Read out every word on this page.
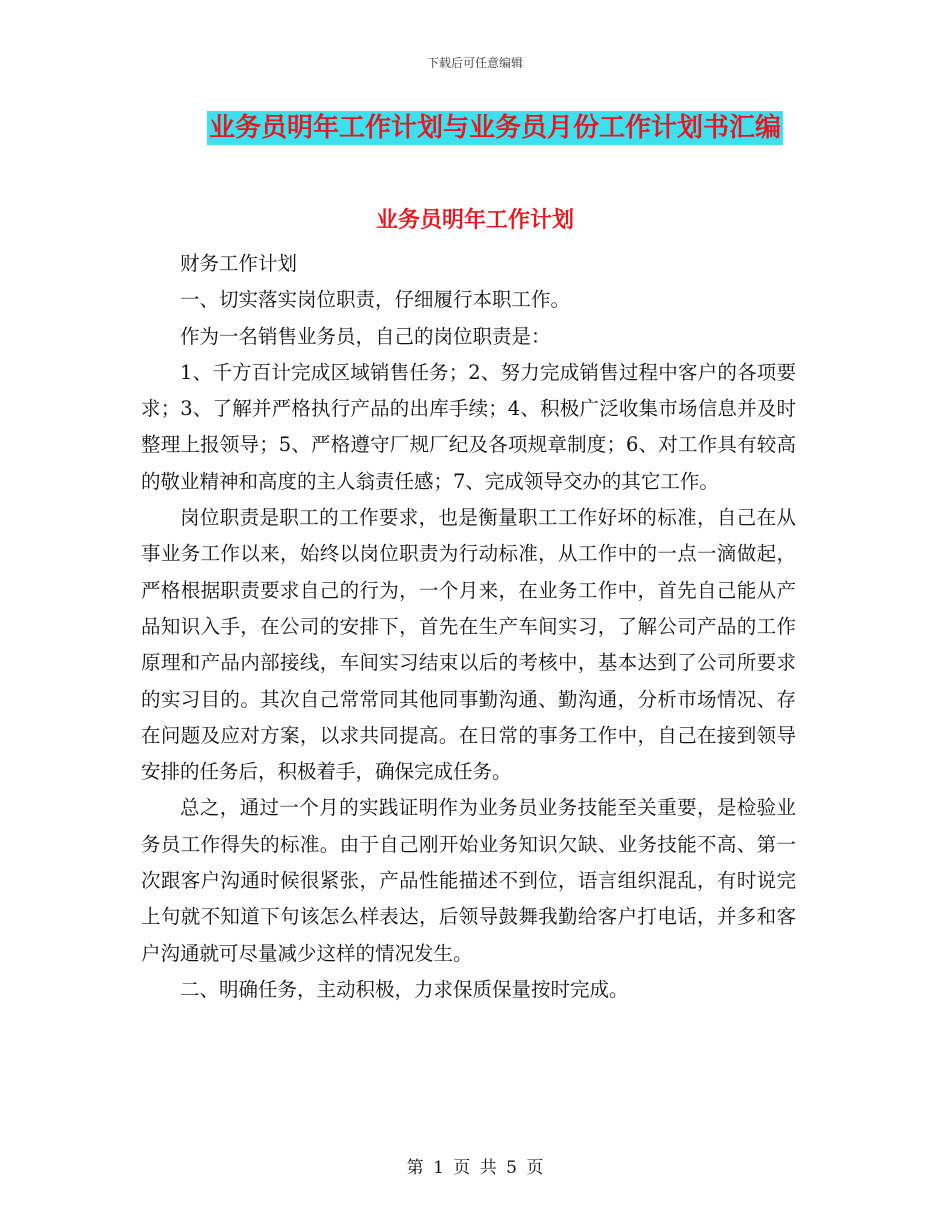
下载后可任意编辑
业务员明年工作计划与业务员月份工作计划书汇编
业务员明年工作计划

财务工作计划

一、切实落实岗位职责，仔细履行本职工作。

作为一名销售业务员，自己的岗位职责是：

1、千方百计完成区域销售任务；2、努力完成销售过程中客户的各项要求；3、了解并严格执行产品的出库手续；4、积极广泛收集市场信息并及时整理上报领导；5、严格遵守厂规厂纪及各项规章制度；6、对工作具有较高的敬业精神和高度的主人翁责任感；7、完成领导交办的其它工作。

岗位职责是职工的工作要求，也是衡量职工工作好坏的标准，自己在从事业务工作以来，始终以岗位职责为行动标准，从工作中的一点一滴做起，严格根据职责要求自己的行为，一个月来，在业务工作中，首先自己能从产品知识入手，在公司的安排下，首先在生产车间实习，了解公司产品的工作原理和产品内部接线，车间实习结束以后的考核中，基本达到了公司所要求的实习目的。其次自己常常同其他同事勤沟通、勤沟通，分析市场情况、存在问题及应对方案，以求共同提高。在日常的事务工作中，自己在接到领导安排的任务后，积极着手，确保完成任务。

总之，通过一个月的实践证明作为业务员业务技能至关重要，是检验业务员工作得失的标准。由于自己刚开始业务知识欠缺、业务技能不高、第一次跟客户沟通时候很紧张，产品性能描述不到位，语言组织混乱，有时说完上句就不知道下句该怎么样表达，后领导鼓舞我勤给客户打电话，并多和客户沟通就可尽量减少这样的情况发生。

二、明确任务，主动积极，力求保质保量按时完成。

第 1 页 共 5 页
